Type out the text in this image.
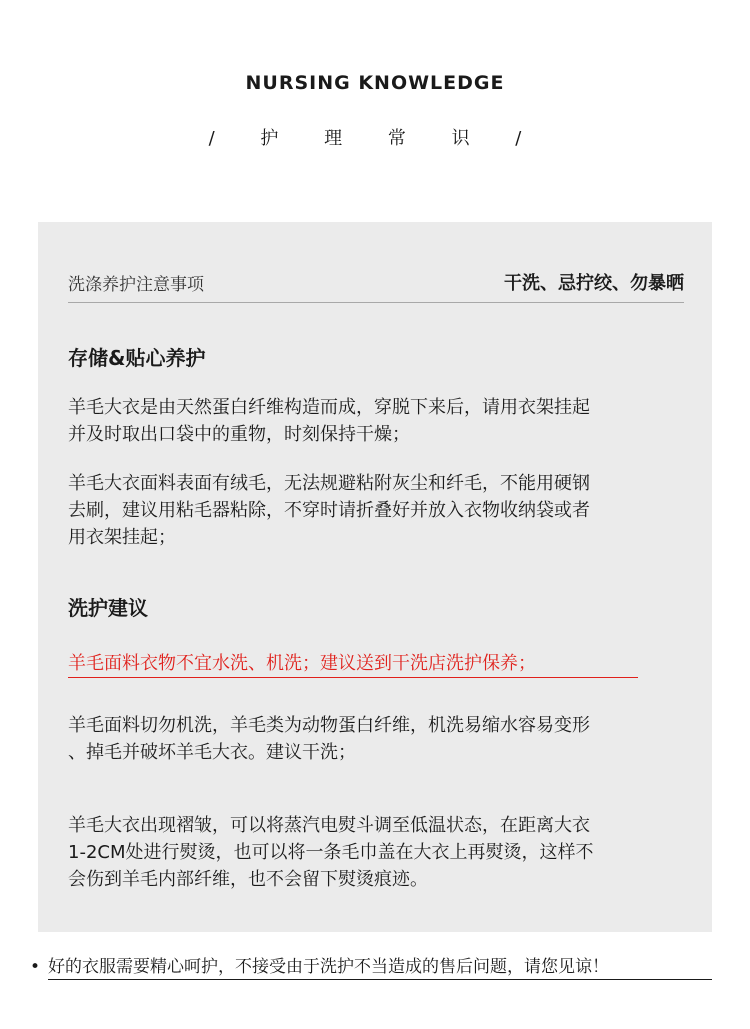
NURSING KNOWLEDGE
/ 护 理 常 识 /
洗涤养护注意事项	干洗、忌拧绞、勿暴晒
存储&贴心养护
羊毛大衣是由天然蛋白纤维构造而成，穿脱下来后，请用衣架挂起
并及时取出口袋中的重物，时刻保持干燥；
羊毛大衣面料表面有绒毛，无法规避粘附灰尘和纤毛，不能用硬钢
去刷，建议用粘毛器粘除，不穿时请折叠好并放入衣物收纳袋或者
用衣架挂起；
洗护建议
羊毛面料衣物不宜水洗、机洗；建议送到干洗店洗护保养；
羊毛面料切勿机洗，羊毛类为动物蛋白纤维，机洗易缩水容易变形
、掉毛并破坏羊毛大衣。建议干洗；
羊毛大衣出现褶皱，可以将蒸汽电熨斗调至低温状态，在距离大衣
1-2CM处进行熨烫，也可以将一条毛巾盖在大衣上再熨烫，这样不
会伤到羊毛内部纤维，也不会留下熨烫痕迹。
• 好的衣服需要精心呵护，不接受由于洗护不当造成的售后问题，请您见谅！
